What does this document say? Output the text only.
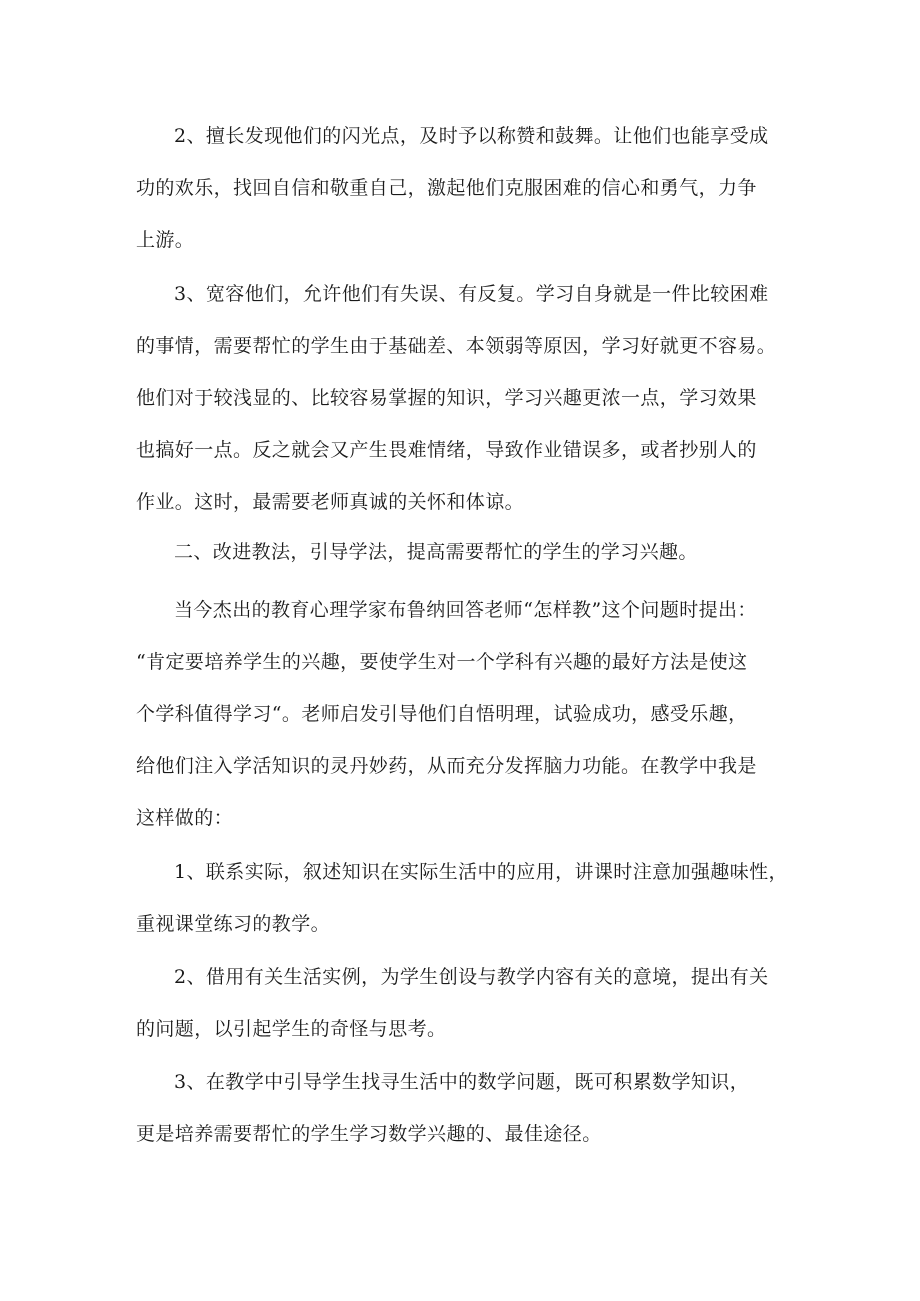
2、擅长发现他们的闪光点，及时予以称赞和鼓舞。让他们也能享受成
功的欢乐，找回自信和敬重自己，激起他们克服困难的信心和勇气，力争
上游。

3、宽容他们，允许他们有失误、有反复。学习自身就是一件比较困难
的事情，需要帮忙的学生由于基础差、本领弱等原因，学习好就更不容易。
他们对于较浅显的、比较容易掌握的知识，学习兴趣更浓一点，学习效果
也搞好一点。反之就会又产生畏难情绪，导致作业错误多，或者抄别人的
作业。这时，最需要老师真诚的关怀和体谅。

二、改进教法，引导学法，提高需要帮忙的学生的学习兴趣。

当今杰出的教育心理学家布鲁纳回答老师“怎样教”这个问题时提出：
“肯定要培养学生的兴趣，要使学生对一个学科有兴趣的最好方法是使这
个学科值得学习“。老师启发引导他们自悟明理，试验成功，感受乐趣，
给他们注入学活知识的灵丹妙药，从而充分发挥脑力功能。在教学中我是
这样做的：

1、联系实际，叙述知识在实际生活中的应用，讲课时注意加强趣味性，
重视课堂练习的教学。

2、借用有关生活实例，为学生创设与教学内容有关的意境，提出有关
的问题，以引起学生的奇怪与思考。

3、在教学中引导学生找寻生活中的数学问题，既可积累数学知识，
更是培养需要帮忙的学生学习数学兴趣的、最佳途径。
